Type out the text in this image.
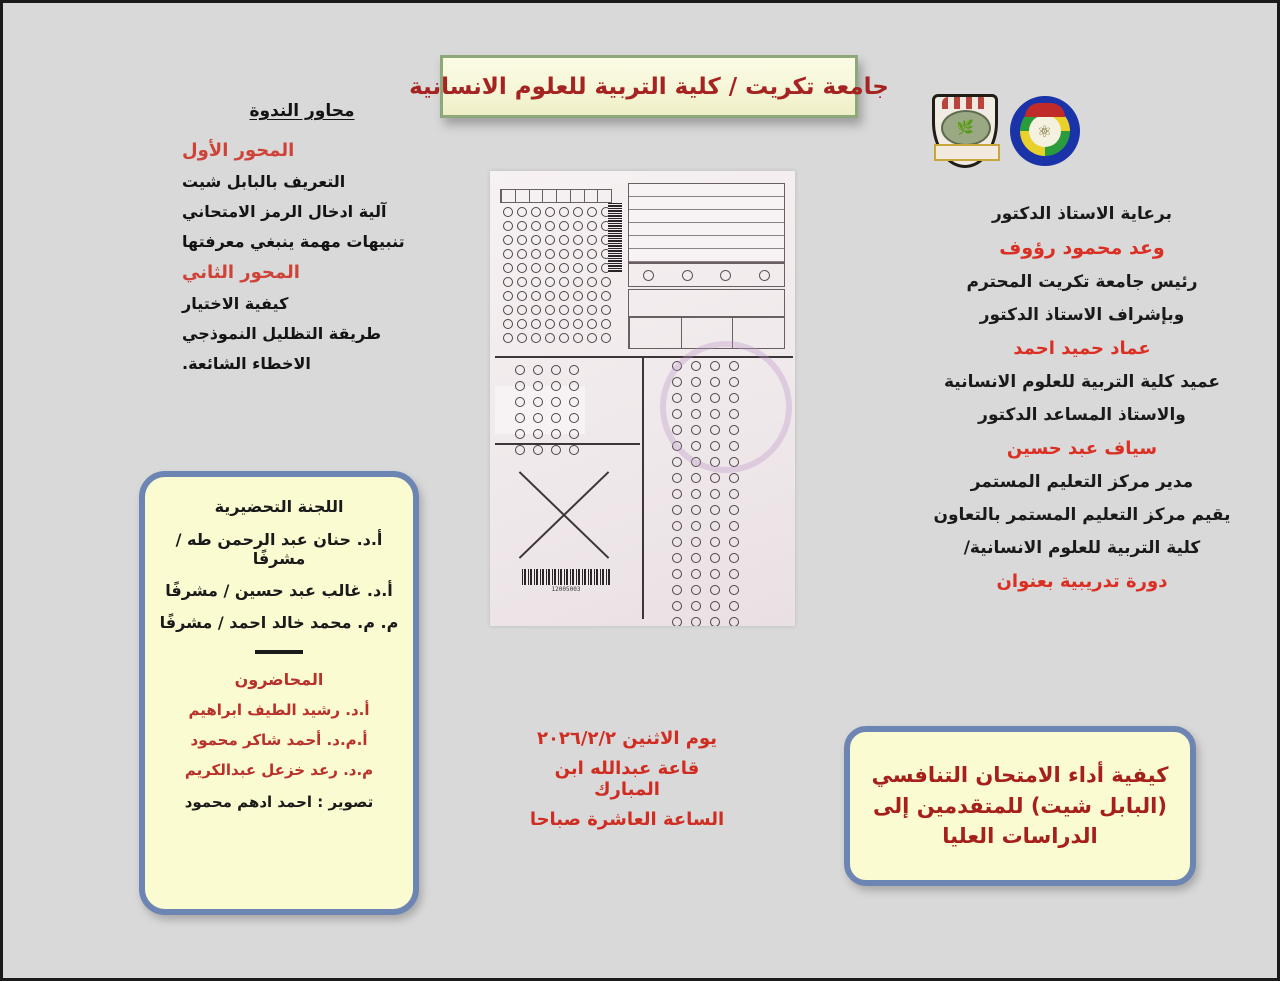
جامعة تكريت / كلية التربية للعلوم الانسانية
محاور الندوة
المحور الأول
التعريف بالبابل شيت
آلية ادخال الرمز الامتحاني
تنبيهات مهمة ينبغي معرفتها
المحور الثاني
كيفية الاختيار
طريقة التظليل النموذجي
الاخطاء الشائعة.
اللجنة التحضيرية
أ.د. حنان عبد الرحمن طه / مشرفًا
أ.د. غالب عبد حسين / مشرفًا
م. م. محمد خالد احمد / مشرفًا
المحاضرون
أ.د. رشيد الطيف ابراهيم
أ.م.د. أحمد شاكر محمود
م.د. رعد خزعل عبدالكريم
تصوير : احمد ادهم محمود
12005003
يوم الاثنين ٢٠٢٦/٢/٢
قاعة عبدالله ابن المبارك
الساعة العاشرة صباحا
⚛
🌿
برعاية الاستاذ الدكتور
وعد محمود رؤوف
رئيس جامعة تكريت المحترم
وبإشراف الاستاذ الدكتور
عماد حميد احمد
عميد كلية التربية للعلوم الانسانية
والاستاذ المساعد الدكتور
سياف عبد حسين
مدير مركز التعليم المستمر
يقيم مركز التعليم المستمر بالتعاون
كلية التربية للعلوم الانسانية/
دورة تدريبية بعنوان
كيفية أداء الامتحان التنافسي
(البابل شيت) للمتقدمين إلى
الدراسات العليا
